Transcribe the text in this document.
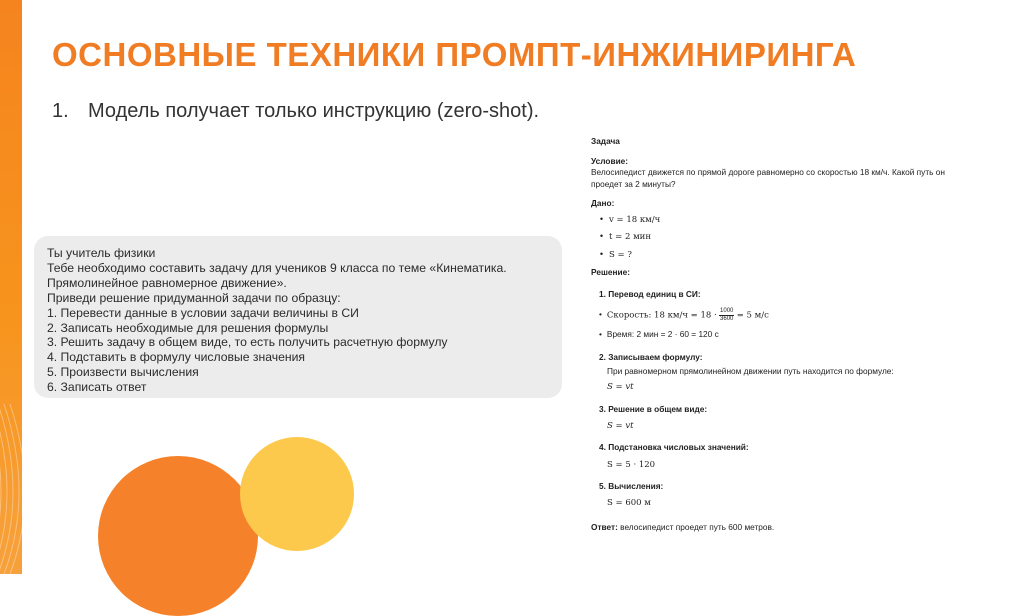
ОСНОВНЫЕ ТЕХНИКИ ПРОМПТ-ИНЖИНИРИНГА
1. Модель получает только инструкцию (zero-shot).
Ты учитель физики
Тебе необходимо составить задачу для учеников 9 класса по теме «Кинематика.
Прямолинейное равномерное движение».
Приведи решение придуманной задачи по образцу:
1. Перевести данные в условии задачи величины в СИ
2. Записать необходимые для решения формулы
3. Решить задачу в общем виде, то есть получить расчетную формулу
4. Подставить в формулу числовые значения
5. Произвести вычисления
6. Записать ответ
Задача
Условие:
Велосипедист движется по прямой дороге равномерно со скоростью 18 км/ч. Какой путь он проедет за 2 минуты?
Дано:
• v = 18 км/ч
• t = 2 мин
• S = ?
Решение:
1. Перевод единиц в СИ:
• Скорость: 18 $км/ч = 18 \cdot \frac{1000}{3600} = 5$ м/с
• Время: 2 мин = 2 · 60 = 120 с
2. Записываем формулу:
При равномерном прямолинейном движении путь находится по формуле:
S = vt
3. Решение в общем виде:
S = vt
4. Подстановка числовых значений:
S = 5 · 120
5. Вычисления:
S = 600 м
Ответ: велосипедист проедет путь 600 метров.
